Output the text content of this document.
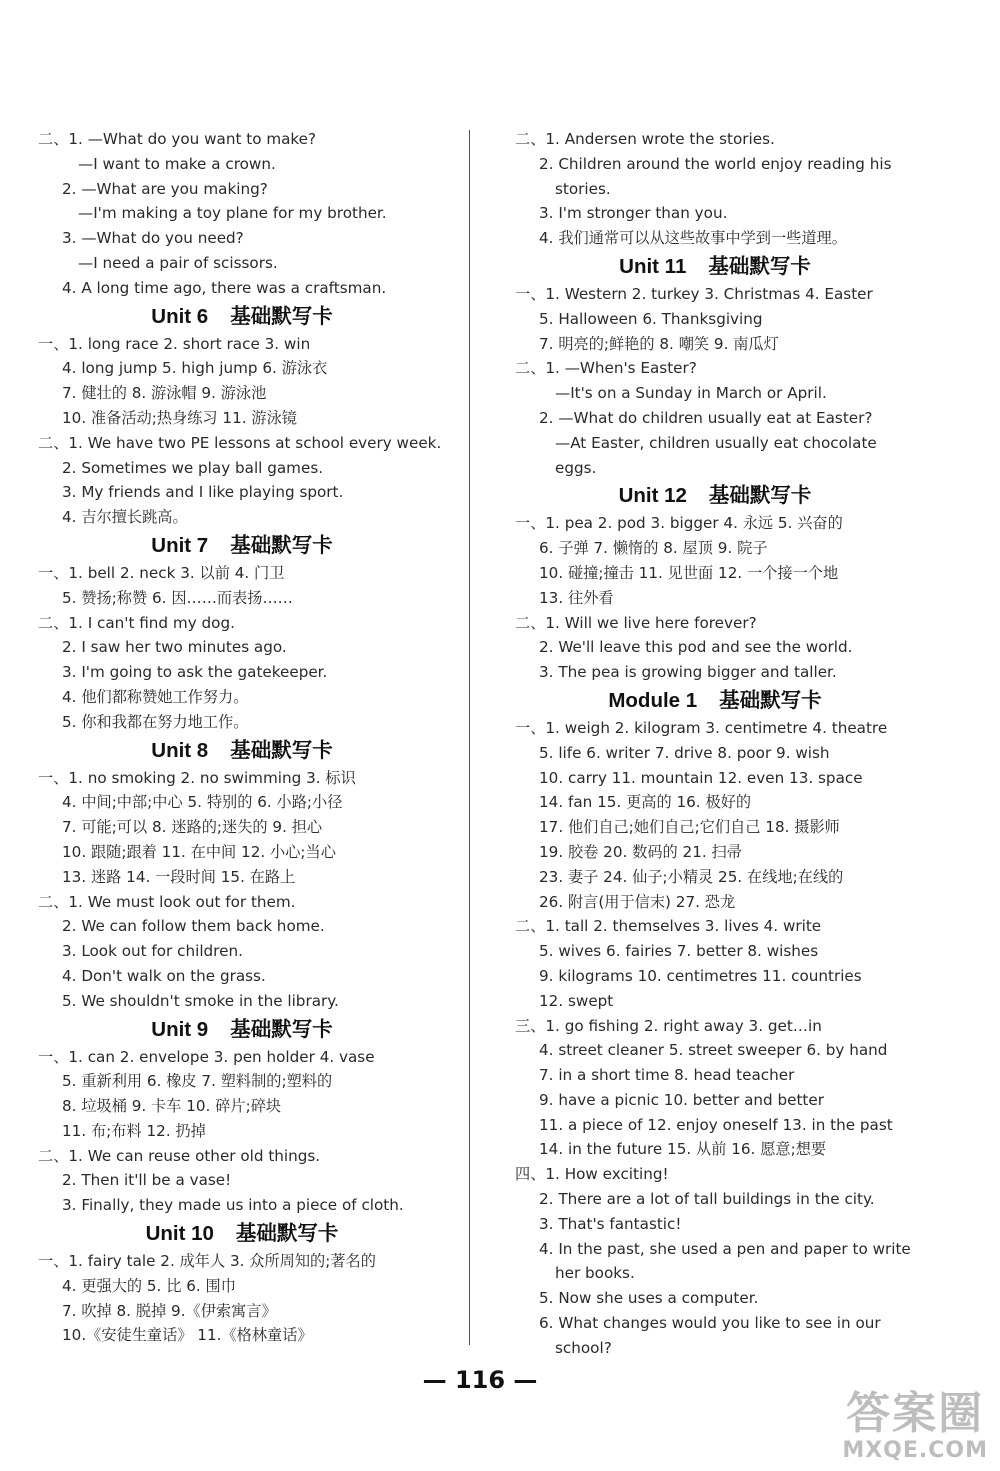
二、1. —What do you want to make?
—I want to make a crown.
2. —What are you making?
—I'm making a toy plane for my brother.
3. —What do you need?
—I need a pair of scissors.
4. A long time ago, there was a craftsman.
Unit 6 基础默写卡
一、1. long race 2. short race 3. win
4. long jump 5. high jump 6. 游泳衣
7. 健壮的 8. 游泳帽 9. 游泳池
10. 准备活动;热身练习 11. 游泳镜
二、1. We have two PE lessons at school every week.
2. Sometimes we play ball games.
3. My friends and I like playing sport.
4. 吉尔擅长跳高。
Unit 7 基础默写卡
一、1. bell 2. neck 3. 以前 4. 门卫
5. 赞扬;称赞 6. 因……而表扬……
二、1. I can't find my dog.
2. I saw her two minutes ago.
3. I'm going to ask the gatekeeper.
4. 他们都称赞她工作努力。
5. 你和我都在努力地工作。
Unit 8 基础默写卡
一、1. no smoking 2. no swimming 3. 标识
4. 中间;中部;中心 5. 特别的 6. 小路;小径
7. 可能;可以 8. 迷路的;迷失的 9. 担心
10. 跟随;跟着 11. 在中间 12. 小心;当心
13. 迷路 14. 一段时间 15. 在路上
二、1. We must look out for them.
2. We can follow them back home.
3. Look out for children.
4. Don't walk on the grass.
5. We shouldn't smoke in the library.
Unit 9 基础默写卡
一、1. can 2. envelope 3. pen holder 4. vase
5. 重新利用 6. 橡皮 7. 塑料制的;塑料的
8. 垃圾桶 9. 卡车 10. 碎片;碎块
11. 布;布料 12. 扔掉
二、1. We can reuse other old things.
2. Then it'll be a vase!
3. Finally, they made us into a piece of cloth.
Unit 10 基础默写卡
一、1. fairy tale 2. 成年人 3. 众所周知的;著名的
4. 更强大的 5. 比 6. 围巾
7. 吹掉 8. 脱掉 9.《伊索寓言》
10.《安徒生童话》 11.《格林童话》
二、1. Andersen wrote the stories.
2. Children around the world enjoy reading his
stories.
3. I'm stronger than you.
4. 我们通常可以从这些故事中学到一些道理。
Unit 11 基础默写卡
一、1. Western 2. turkey 3. Christmas 4. Easter
5. Halloween 6. Thanksgiving
7. 明亮的;鲜艳的 8. 嘲笑 9. 南瓜灯
二、1. —When's Easter?
—It's on a Sunday in March or April.
2. —What do children usually eat at Easter?
—At Easter, children usually eat chocolate
eggs.
Unit 12 基础默写卡
一、1. pea 2. pod 3. bigger 4. 永远 5. 兴奋的
6. 子弹 7. 懒惰的 8. 屋顶 9. 院子
10. 碰撞;撞击 11. 见世面 12. 一个接一个地
13. 往外看
二、1. Will we live here forever?
2. We'll leave this pod and see the world.
3. The pea is growing bigger and taller.
Module 1 基础默写卡
一、1. weigh 2. kilogram 3. centimetre 4. theatre
5. life 6. writer 7. drive 8. poor 9. wish
10. carry 11. mountain 12. even 13. space
14. fan 15. 更高的 16. 极好的
17. 他们自己;她们自己;它们自己 18. 摄影师
19. 胶卷 20. 数码的 21. 扫帚
23. 妻子 24. 仙子;小精灵 25. 在线地;在线的
26. 附言(用于信末) 27. 恐龙
二、1. tall 2. themselves 3. lives 4. write
5. wives 6. fairies 7. better 8. wishes
9. kilograms 10. centimetres 11. countries
12. swept
三、1. go fishing 2. right away 3. get…in
4. street cleaner 5. street sweeper 6. by hand
7. in a short time 8. head teacher
9. have a picnic 10. better and better
11. a piece of 12. enjoy oneself 13. in the past
14. in the future 15. 从前 16. 愿意;想要
四、1. How exciting!
2. There are a lot of tall buildings in the city.
3. That's fantastic!
4. In the past, she used a pen and paper to write
her books.
5. Now she uses a computer.
6. What changes would you like to see in our
school?
— 116 —
答案圈
MXQE.COM
